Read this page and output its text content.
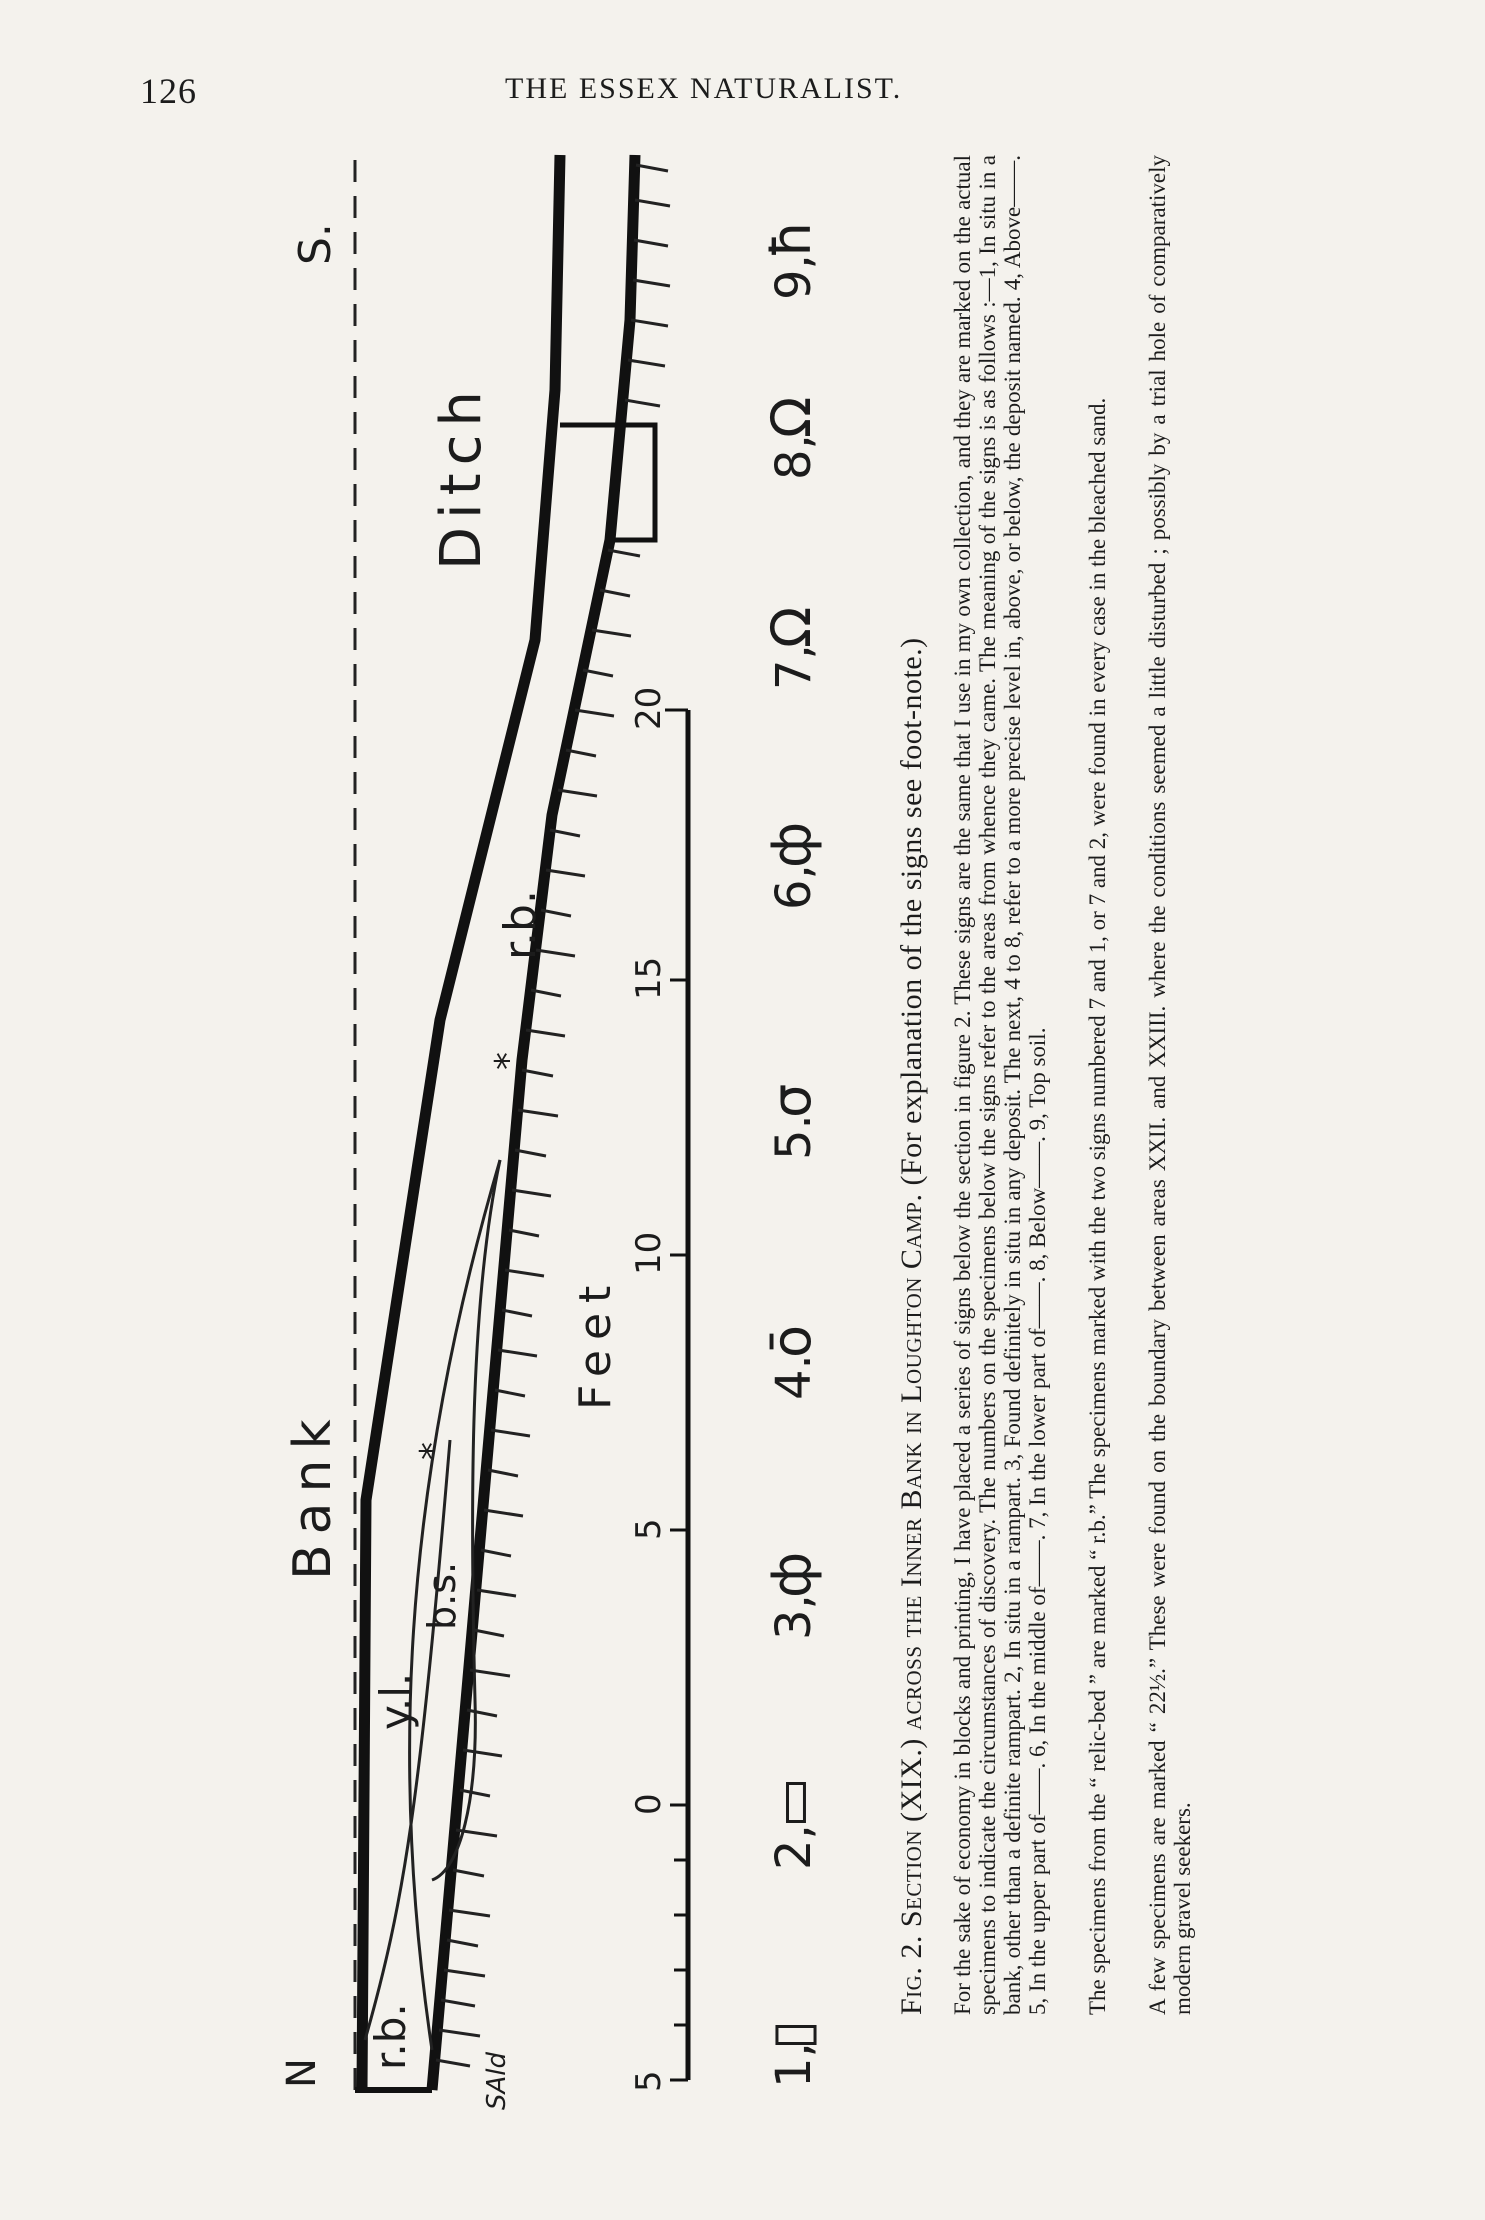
126	THE ESSEX NATURALIST.
*
*
N
S.
Bank
Ditch
r.b.
y.l.
b.s.
r.b.
SAld
Feet
5
0
5
10
15
20
1,
▯
2,
▭
3,
ф
4.
ō
5.
σ
6,
ф
7,
Ω
8,
Ω
9,
ħ
Fig. 2. Section (XIX.) across the Inner Bank in Loughton Camp. (For explanation of the signs see foot-note.) For the sake of economy in blocks and printing, I have placed a series of signs below the section in figure 2. These signs are the same that I use in my own collection, and they are marked on the actual specimens to indicate the circumstances of discovery. The numbers on the specimens below the signs refer to the areas from whence they came. The meaning of the signs is as follows :—1, In situ in a bank, other than a definite rampart. 2, In situ in a rampart. 3, Found definitely in situ in any deposit. The next, 4 to 8, refer to a more precise level in, above, or below, the deposit named. 4, Above——. 5, In the upper part of——. 6, In the middle of——. 7, In the lower part of——. 8, Below——. 9, Top soil. The specimens from the “ relic-bed ” are marked “ r.b.” The specimens marked with the two signs numbered 7 and 1, or 7 and 2, were found in every case in the bleached sand. A few specimens are marked “ 22½.” These were found on the boundary between areas XXII. and XXIII. where the conditions seemed a little disturbed ; possibly by a trial hole of comparatively modern gravel seekers.
